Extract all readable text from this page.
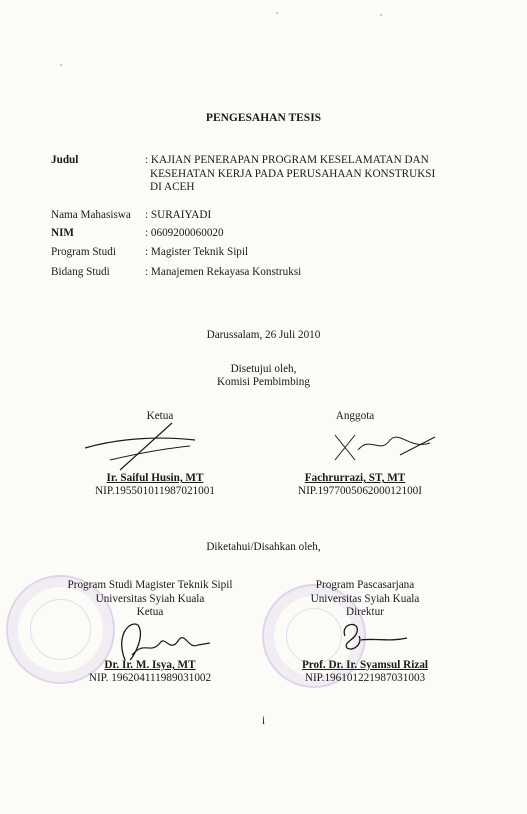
PENGESAHAN TESIS
Judul	: KAJIAN PENERAPAN PROGRAM KESELAMATAN DAN
KESEHATAN KERJA PADA PERUSAHAAN KONSTRUKSI
DI ACEH
Nama Mahasiswa : SURAIYADI
NIM	: 0609200060020
Program Studi	: Magister Teknik Sipil
Bidang Studi	: Manajemen Rekayasa Konstruksi
Darussalam, 26 Juli 2010
Disetujui oleh,
Komisi Pembimbing
Ketua	Anggota
Ir. Saiful Husin, MT
NIP.195501011987021001
Fachrurrazi, ST, MT
NIP.197700506200012100I
Diketahui/Disahkan oleh,
Program Studi Magister Teknik Sipil
Universitas Syiah Kuala
Ketua
Program Pascasarjana
Universitas Syiah Kuala
Direktur
Dr. Ir. M. Isya, MT
NIP. 196204111989031002
Prof. Dr. Ir. Syamsul Rizal
NIP.196101221987031003
i
